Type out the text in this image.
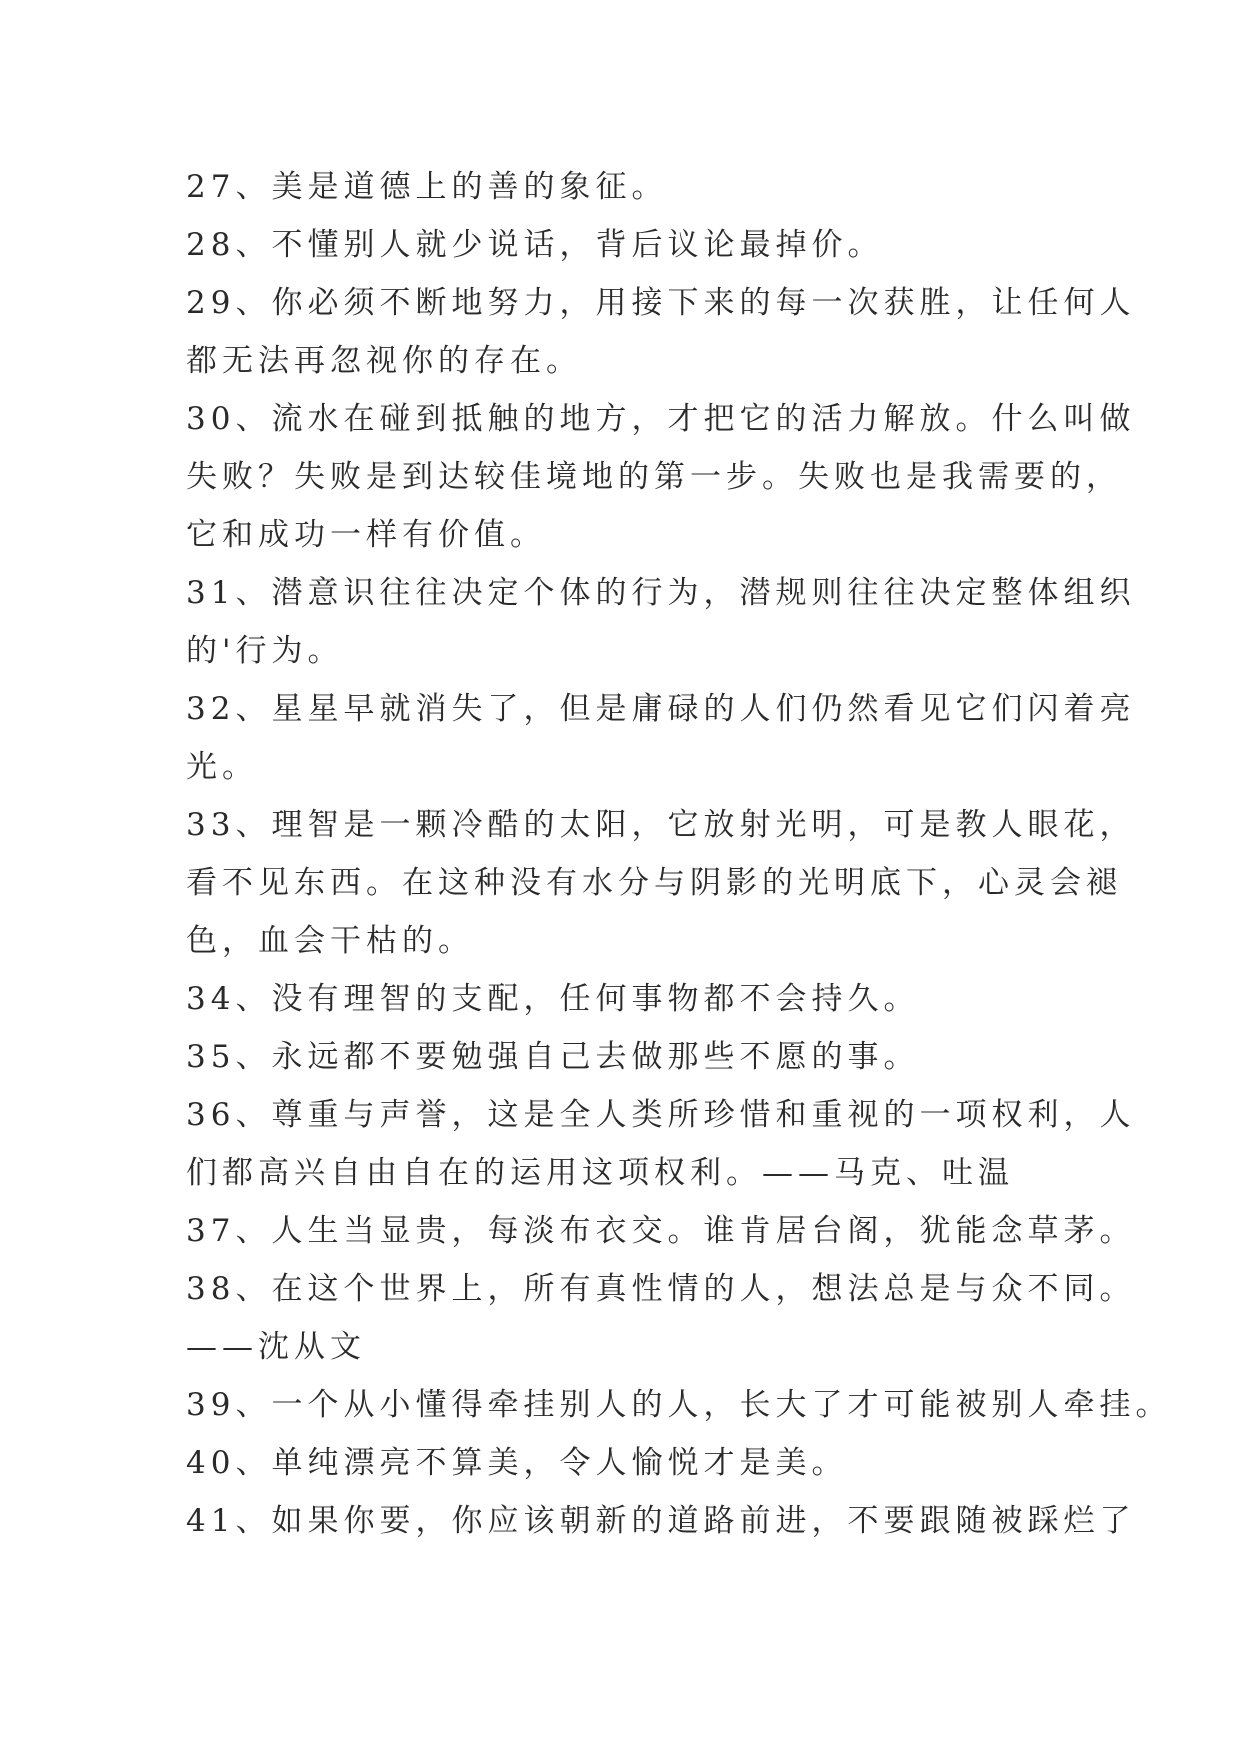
27、美是道德上的善的象征。
28、不懂别人就少说话，背后议论最掉价。
29、你必须不断地努力，用接下来的每一次获胜，让任何人
都无法再忽视你的存在。
30、流水在碰到抵触的地方，才把它的活力解放。什么叫做
失败？失败是到达较佳境地的第一步。失败也是我需要的，
它和成功一样有价值。
31、潜意识往往决定个体的行为，潜规则往往决定整体组织
的'行为。
32、星星早就消失了，但是庸碌的人们仍然看见它们闪着亮
光。
33、理智是一颗冷酷的太阳，它放射光明，可是教人眼花，
看不见东西。在这种没有水分与阴影的光明底下，心灵会褪
色，血会干枯的。
34、没有理智的支配，任何事物都不会持久。
35、永远都不要勉强自己去做那些不愿的事。
36、尊重与声誉，这是全人类所珍惜和重视的一项权利，人
们都高兴自由自在的运用这项权利。——马克、吐温
37、人生当显贵，每淡布衣交。谁肯居台阁，犹能念草茅。
38、在这个世界上，所有真性情的人，想法总是与众不同。
——沈从文
39、一个从小懂得牵挂别人的人，长大了才可能被别人牵挂。
40、单纯漂亮不算美，令人愉悦才是美。
41、如果你要，你应该朝新的道路前进，不要跟随被踩烂了
